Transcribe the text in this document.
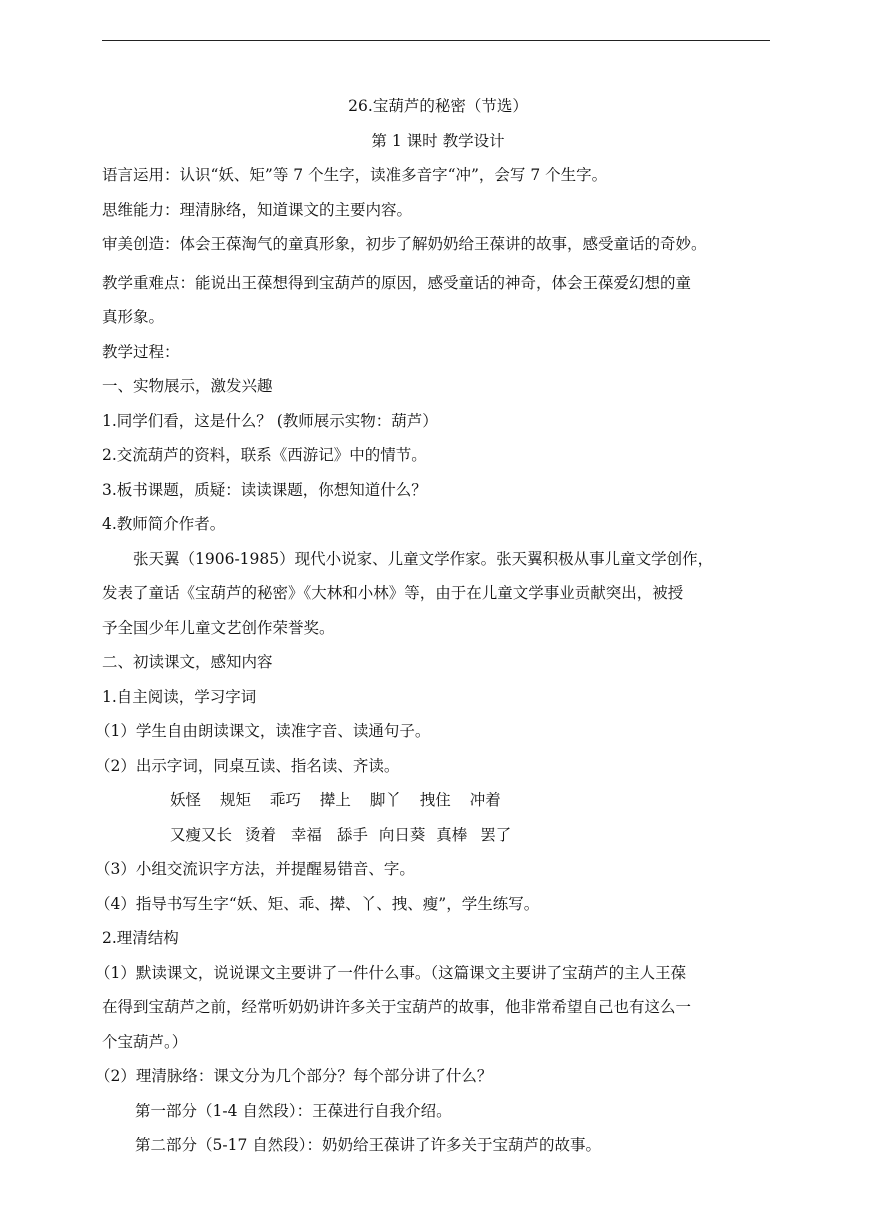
26.宝葫芦的秘密（节选）

第 1 课时 教学设计

语言运用：认识“妖、矩”等 7 个生字，读准多音字“冲”，会写 7 个生字。

思维能力：理清脉络，知道课文的主要内容。

审美创造：体会王葆淘气的童真形象，初步了解奶奶给王葆讲的故事，感受童话的奇妙。

教学重难点：能说出王葆想得到宝葫芦的原因，感受童话的神奇，体会王葆爱幻想的童

真形象。

教学过程：

一、实物展示，激发兴趣

1.同学们看，这是什么？ (教师展示实物：葫芦）

2.交流葫芦的资料，联系《西游记》中的情节。

3.板书课题，质疑：读读课题，你想知道什么？

4.教师简介作者。

张天翼（1906-1985）现代小说家、儿童文学作家。张天翼积极从事儿童文学创作，

发表了童话《宝葫芦的秘密》《大林和小林》等，由于在儿童文学事业贡献突出，被授

予全国少年儿童文艺创作荣誉奖。

二、初读课文，感知内容

1.自主阅读，学习字词

（1）学生自由朗读课文，读准字音、读通句子。

（2）出示字词，同桌互读、指名读、齐读。

妖怪 规矩 乖巧 撵上 脚丫 拽住 冲着

又瘦又长 烫着 幸福 舔手 向日葵 真棒 罢了

（3）小组交流识字方法，并提醒易错音、字。

（4）指导书写生字“妖、矩、乖、撵、丫、拽、瘦”，学生练写。

2.理清结构

（1）默读课文，说说课文主要讲了一件什么事。（这篇课文主要讲了宝葫芦的主人王葆

在得到宝葫芦之前，经常听奶奶讲许多关于宝葫芦的故事，他非常希望自己也有这么一

个宝葫芦。）

（2）理清脉络：课文分为几个部分？每个部分讲了什么？

第一部分（1-4 自然段）：王葆进行自我介绍。

第二部分（5-17 自然段）：奶奶给王葆讲了许多关于宝葫芦的故事。
